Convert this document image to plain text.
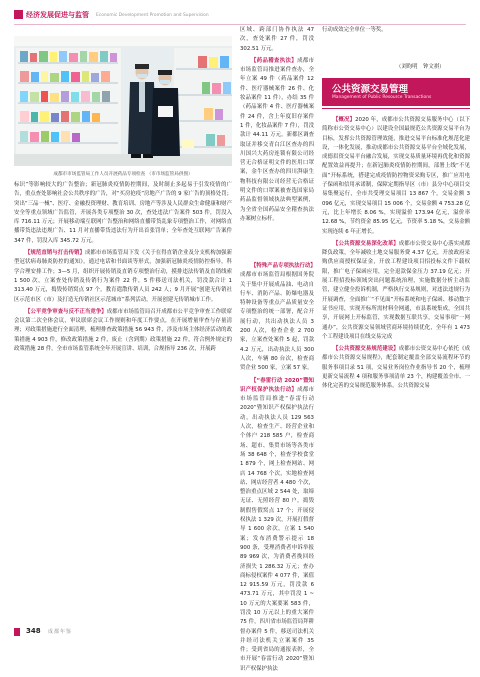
经济发展促进与监管 Economic Development Promotion and Supervision
成都市市场监管局工作人员开展药品专项检查 （市市场监管局供图）

标识”等影响较大的广告整治；新冠肺炎疫情防控期间，及时制止多起易于引发疫情的广告，重点查处影响社会公共秩序的广告，对“买房抢疫”房地产广告的 9 家广告的顶格处罚；突出“三品一械”、医疗、金融投资理财、教育培训、房地产等涉及人民群众生命健康和财产安全等重点领域广告监管，开展各类专项整治 30 次，查处违法广告案件 503 件，罚没入库 716.11 万元；开展移动端互联网广告整治和网络直播带货乱象专项整治工作，对网络直播带货违法违规广告、11 月对直播带货违法行为开出首张罚单；全年查处互联网广告案件 347 件，罚没入库 345.72 万元。

【规范直销与打击传销】成都市市场监管局下发《关于在得直销企业及分支机构加强新型冠状病毒肺炎防控的通知》，通过电话和书面谈等形式，加强新冠肺炎疫情防控指导，科学合理安排工作；3—5 月，组织开展传销及直销专项整治行动，摸排违法传销及直销线索 1 500 次，立案查处传销及传销行为案件 22 件，5 件移送司法机关，罚没款合计 1 313.40 万元，捣毁传销窝点 97 个，教育遣散传销人员 242 人；9 月开展“创建无传销社区示范市区（市）及打造无传销社区示范城市”系列活动，开展创建无传销城市工作。

【公平竞争审查与反不正当竞争】成都市市场监管局召开成都市公平竞争审查工作联席会议第二次全体会议，审议联席会议工作规则和年度工作要点，在开展增量审查与存量清理；对政策措施进行全面清理，梳理排查政策措施 56 943 件，涉及市场主体经济活动的政策措施 4 903 件，修改政策措施 2 件，废止（含到期）政策措施 22 件，符合例外规定的政策措施 28 件。全市市场监管系统全年开展宣讲、培训，合规指导 236 次，开展跨

区域、跨部门协作执法 47 次，查处案件 27 件，罚没 302.51 万元。

【药品稽查执法】成都市市场监管局推进案件查办，全年立案 49 件（药品案件 12 件、医疗器械案件 26 件、化妆品案件 11 件），办结 35 件（药品案件 4 件、医疗器械案件 24 件，含上年度旧存案件 1 件，化妆品案件 7 件），罚没款计 44.11 万元。新都区调查取证并移交青白江区查办的四川国兴大药房连锁有限公司经营无合格证明文件的医用口罩案，金牛区查办的四川湃康生物科技有限公司经营无合格证明文件的口罩案被查选国家局药品监督领域执法典型案例，为全省全国药品安全稽查执法办案树立标杆。

【特殊产品专项执法行动】成都市市场监管局根据国务院关于集中开展成品油、电动自行车、消防产品、防爆电器及特种设备等重点产品质量安全专项整治的统一部署，配合开展行动，共出动执法人员 3 200 人次，检查企业 2 700 家，立案查处案件 5 起，罚款 4.2 万元，出动执法人员 300 人次，车辆 80 台次，检查商贸企业 500 家，立案 57 家。

【“春雷行动 2020”暨知识产权保护执法行动】成都市市场监管局推进“春雷行动 2020”暨知识产权保护执法行动，出动执法人员 129 563 人次，检查生产、经营企业和个体户 218 585 户，检查商场、超市、集贸市场等各类市场 38 648 个，检查学校食堂 1 879 个，网上检查网站、网店 14 768 个次，实地检查网站、网店经营者 4 480 个次，整治重点区域 2 544 处，取缔无证、无照经营 80 户，捣毁制假售假窝点 17 个；开展侵权执法 1 329 次，开展打假督导 1 600 余次，立案 1 540 案；发布消费警示提示 18 900 条，受理消费者申诉举报 89 969 次，为消费者挽回经济损失 1 286.32 万元；查办商标侵权案件 4 077 件，案值 12 915.59 万元，罚没款 6 473.71 万元，其中罚没 1 ~ 10 万元的大案要案 583 件，罚没 10 万元以上的重大案件 75 件，四川省市场监管局拜耕督办案件 5 件，移送司法机关并经司法机关立案案件 35 件；受到省局的通报表彰，全市开展“春雷行动 2020”暨知识产权保护执法

行动成效完全单位一等奖。

（刘昀明　钟文祺）
公共资源交易管理
Management of Public Resource Transactions

【概况】2020 年，成都市公共资源交易服务中心（以下简称市公资交易中心）以建设全国最规范公共资源交易平台为目标，发挥公共资源管理效能，推进交易平台标准化规范化建设，一体化发展，推动成都市公共资源交易平台全域化发展，成德眉资交易平台融合发展，实现交易质量环境再优化和资源配置效益再提升；在新冠肺炎疫情防控期间，部署上线“不见面”开标系统，搭建完成疫情防控物资采购专区，推广应用电子保函和信用承诺制，保障定期指导区（市）县分中心项目交易集聚运行，全市共受理交易项目 13 867 个，交易金额 3 096 亿元，实现交易项目 15 006 个，交易金额 4 753.28 亿元，比上年增长 8.06 %，实现溢价 173.94 亿元，溢价率 12.68 %，节约资金 85.95 亿元，节资率 5.18 %，交易金额实现连续 6 年正增长。

【公共资源交易深化改革】成都市公资交易中心落实成都降负政策，全年减收土地交易服务费 4.37 亿元，开放政府采购供应商授权保证金，开放工程建设项目招投标文件下载权限，推广电子保函应用，完全退款保金压力 37.19 亿元；开展工程招投标领域突出问题系统治理，实施数据分析主动监管，建立健全投诉机制，严格执行交易规则，对违法违规行为开展调查，全面推广“不见面”开标系统和电子保函、移动数字证书应用，实现开标所需材料全网通，市县系统集成，全国共享，开展网上开标监管，实现数据互联共享，交易事项“一网通办”，公共资源交易领域营商环境持续优化，全年有 1 473 个工程建设项目在线交易完成

【公共资源交易规范建设】成都市公资交易中心依托《成都市公共资源交易规程》，配套制定覆盖全部交易流程环节的服务事项目录 51 项，交易业务岗位作业指导书 20 个，梳理更新交易流程 4 项和服务事项清单 23 个，构建覆盖全市、一体化完善的交易规范服务体系，公共资源交易

348 成都年鉴
